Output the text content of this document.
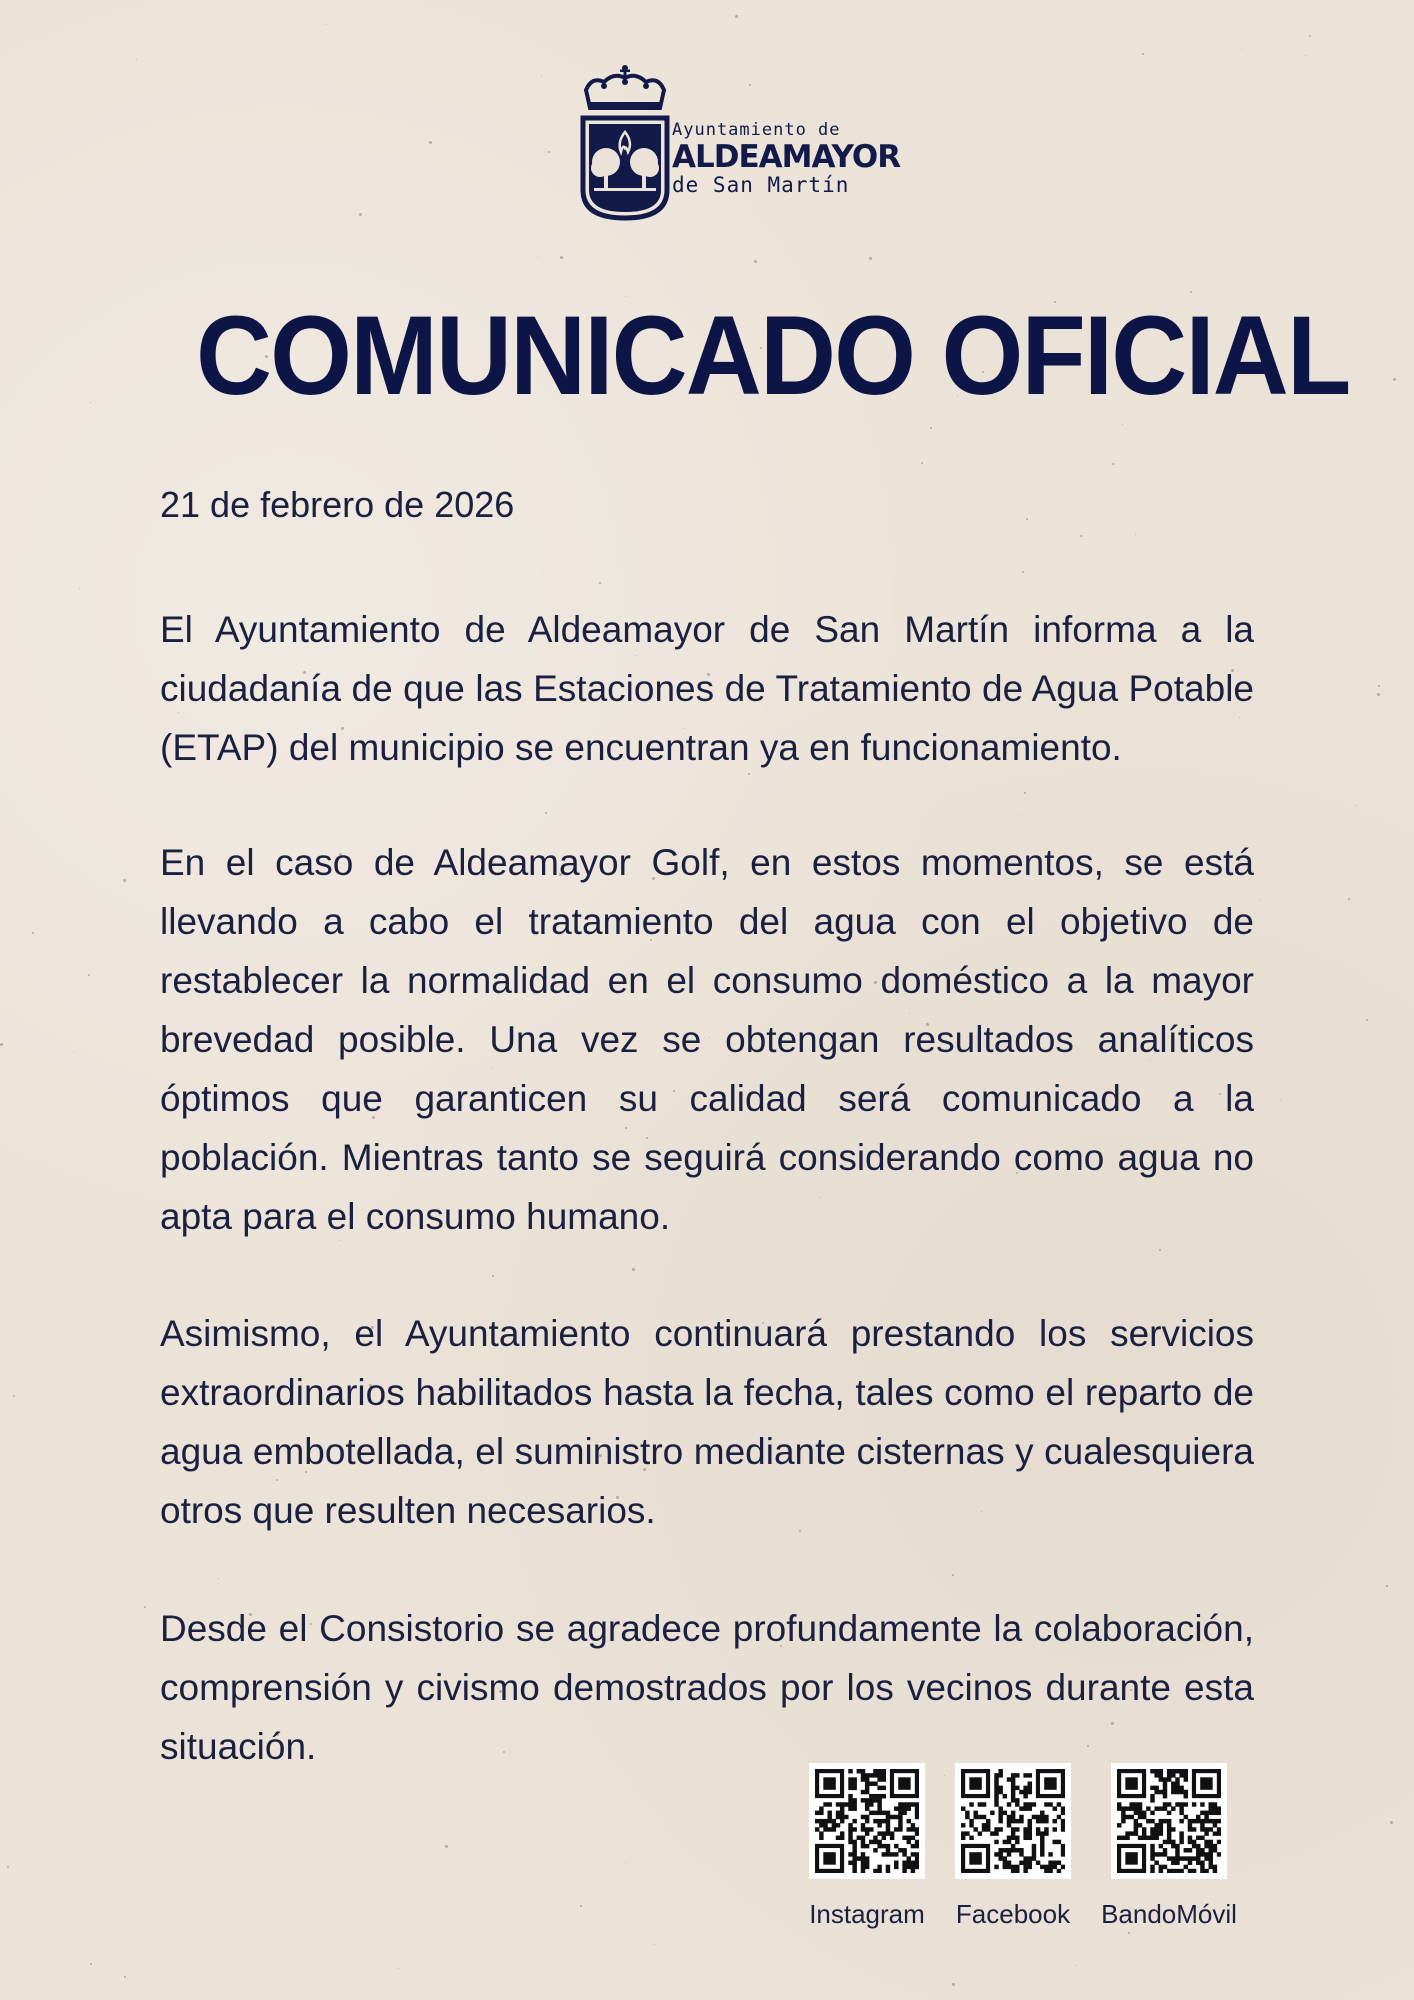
Ayuntamiento de
ALDEAMAYOR
de San Martín
COMUNICADO OFICIAL
21 de febrero de 2026

El Ayuntamiento de Aldeamayor de San Martín informa a la ciudadanía de que las Estaciones de Tratamiento de Agua Potable (ETAP) del municipio se encuentran ya en funcionamiento.

En el caso de Aldeamayor Golf, en estos momentos, se está llevando a cabo el tratamiento del agua con el objetivo de restablecer la normalidad en el consumo doméstico a la mayor brevedad posible. Una vez se obtengan resultados analíticos óptimos que garanticen su calidad será comunicado a la población. Mientras tanto se seguirá considerando como agua no apta para el consumo humano.

Asimismo, el Ayuntamiento continuará prestando los servicios extraordinarios habilitados hasta la fecha, tales como el reparto de agua embotellada, el suministro mediante cisternas y cualesquiera otros que resulten necesarios.

Desde el Consistorio se agradece profundamente la colaboración, comprensión y civismo demostrados por los vecinos durante esta situación.

Instagram	Facebook	BandoMóvil
